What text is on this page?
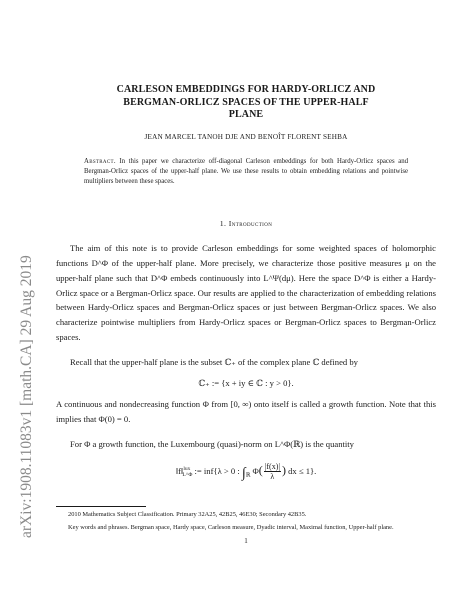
arXiv:1908.11083v1 [math.CA] 29 Aug 2019
CARLESON EMBEDDINGS FOR HARDY-ORLICZ AND
BERGMAN-ORLICZ SPACES OF THE UPPER-HALF
PLANE
JEAN MARCEL TANOH DJE AND BENOÎT FLORENT SEHBA
Abstract. In this paper we characterize off-diagonal Carleson embeddings for both Hardy-Orlicz spaces and Bergman-Orlicz spaces of the upper-half plane. We use these results to obtain embedding relations and pointwise multipliers between these spaces.
1. Introduction

The aim of this note is to provide Carleson embeddings for some weighted spaces of holomorphic functions D^Φ of the upper-half plane. More precisely, we characterize those positive measures μ on the upper-half plane such that D^Φ embeds continuously into L^Ψ(dμ). Here the space D^Φ is either a Hardy-Orlicz space or a Bergman-Orlicz space. Our results are applied to the characterization of embedding relations between Hardy-Orlicz spaces and Bergman-Orlicz spaces or just between Bergman-Orlicz spaces. We also characterize pointwise multipliers from Hardy-Orlicz spaces or Bergman-Orlicz spaces to Bergman-Orlicz spaces.

Recall that the upper-half plane is the subset ℂ₊ of the complex plane ℂ defined by

ℂ₊ := {x + iy ∈ ℂ : y > 0}.

A continuous and nondecreasing function Φ from [0, ∞) onto itself is called a growth function. Note that this implies that Φ(0) = 0.

For Φ a growth function, the Luxembourg (quasi)-norm on L^Φ(ℝ) is the quantity

‖f‖$^{lux}_{L\^{}\Phi}$ := inf{λ > 0 : $\int_ℝ$ $\Phi( \frac{|f(x)|}{\lambda}$ ) dx ≤ 1}.
2010 Mathematics Subject Classification. Primary 32A25, 42B25, 46E30; Secondary 42B35.
Key words and phrases. Bergman space, Hardy space, Carleson measure, Dyadic interval, Maximal function, Upper-half plane.
1
